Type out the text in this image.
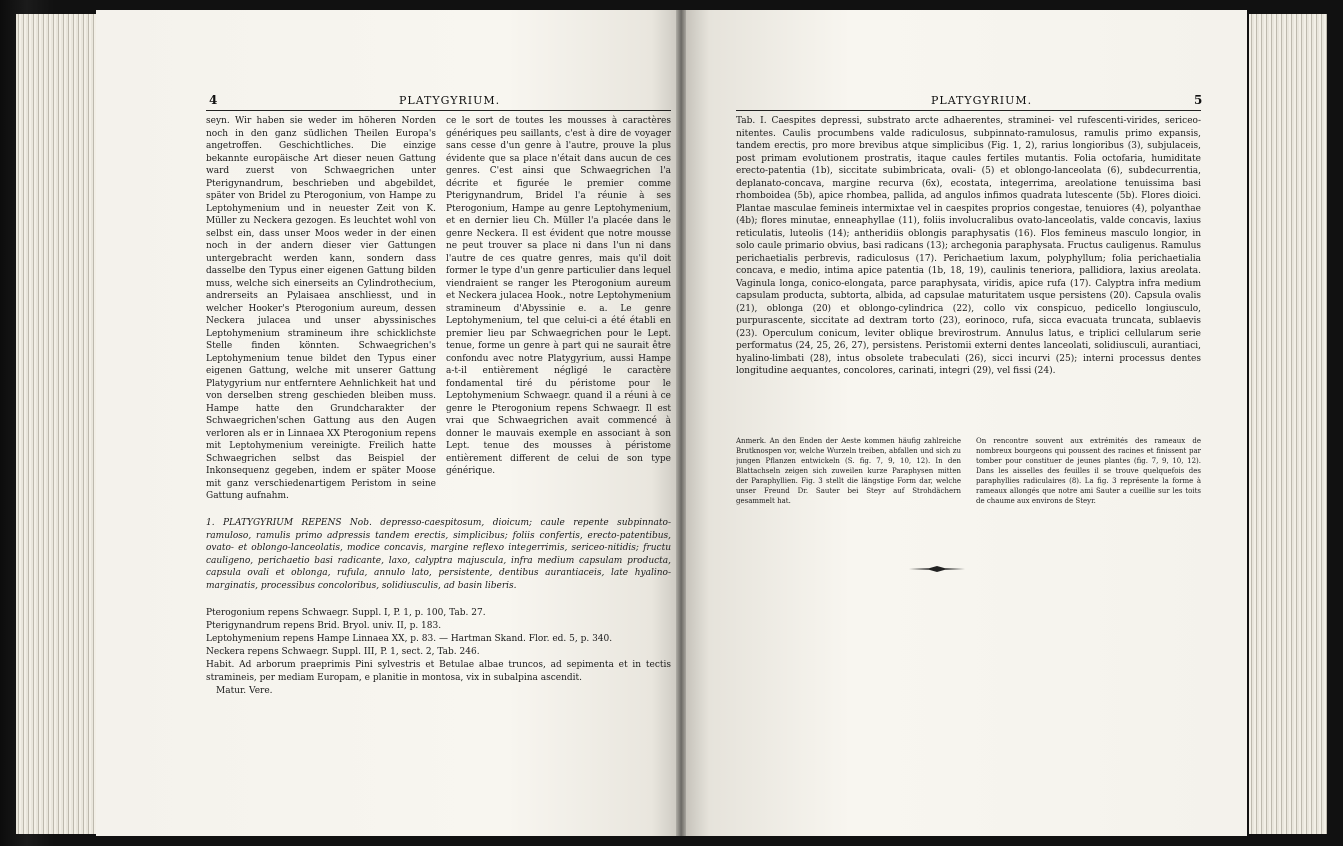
4	PLATYGYRIUM.

seyn. Wir haben sie weder im höheren Norden noch in den ganz südlichen Theilen Europa's angetroffen. Geschichtliches. Die einzige bekannte europäische Art dieser neuen Gattung ward zuerst von Schwaegrichen unter Pterigynandrum, beschrieben und abgebildet, später von Bridel zu Pterogonium, von Hampe zu Leptohymenium und in neuester Zeit von K. Müller zu Neckera gezogen. Es leuchtet wohl von selbst ein, dass unser Moos weder in der einen noch in der andern dieser vier Gattungen untergebracht werden kann, sondern dass dasselbe den Typus einer eigenen Gattung bilden muss, welche sich einerseits an Cylindrothecium, andrerseits an Pylaisaea anschliesst, und in welcher Hooker's Pterogonium aureum, dessen Neckera julacea und unser abyssinisches Leptohymenium stramineum ihre schicklichste Stelle finden könnten. Schwaegrichen's Leptohymenium tenue bildet den Typus einer eigenen Gattung, welche mit unserer Gattung Platygyrium nur entferntere Aehnlichkeit hat und von derselben streng geschieden bleiben muss. Hampe hatte den Grundcharakter der Schwaegrichen'schen Gattung aus den Augen verloren als er in Linnaea XX Pterogonium repens mit Leptohymenium vereinigte. Freilich hatte Schwaegrichen selbst das Beispiel der Inkonsequenz gegeben, indem er später Moose mit ganz verschiedenartigem Peristom in seine Gattung aufnahm.

ce le sort de toutes les mousses à caractères génériques peu saillants, c'est à dire de voyager sans cesse d'un genre à l'autre, prouve la plus évidente que sa place n'était dans aucun de ces genres. C'est ainsi que Schwaegrichen l'a décrite et figurée le premier comme Pterigynandrum, Bridel l'a réunie à ses Pterogonium, Hampe au genre Leptohymenium, et en dernier lieu Ch. Müller l'a placée dans le genre Neckera. Il est évident que notre mousse ne peut trouver sa place ni dans l'un ni dans l'autre de ces quatre genres, mais qu'il doit former le type d'un genre particulier dans lequel viendraient se ranger les Pterogonium aureum et Neckera julacea Hook., notre Leptohymenium stramineum d'Abyssinie e. a. Le genre Leptohymenium, tel que celui-ci a été établi en premier lieu par Schwaegrichen pour le Lept. tenue, forme un genre à part qui ne saurait être confondu avec notre Platygyrium, aussi Hampe a-t-il entièrement négligé le caractère fondamental tiré du péristome pour le Leptohymenium Schwaegr. quand il a réuni à ce genre le Pterogonium repens Schwaegr. Il est vrai que Schwaegrichen avait commencé à donner le mauvais exemple en associant à son Lept. tenue des mousses à péristome entièrement different de celui de son type générique.

1. PLATYGYRIUM REPENS Nob. depresso-caespitosum, dioicum; caule repente subpinnato-ramuloso, ramulis primo adpressis tandem erectis, simplicibus; foliis confertis, erecto-patentibus, ovato- et oblongo-lanceolatis, modice concavis, margine reflexo integerrimis, sericeo-nitidis; fructu cauligeno, perichaetio basi radicante, laxo, calyptra majuscula, infra medium capsulam producta, capsula ovali et oblonga, rufula, annulo lato, persistente, dentibus aurantiaceis, late hyalino-marginatis, processibus concoloribus, solidiusculis, ad basin liberis.

Pterogonium repens Schwaegr. Suppl. I, P. 1, p. 100, Tab. 27.

Pterigynandrum repens Brid. Bryol. univ. II, p. 183.

Leptohymenium repens Hampe Linnaea XX, p. 83. — Hartman Skand. Flor. ed. 5, p. 340.

Neckera repens Schwaegr. Suppl. III, P. 1, sect. 2, Tab. 246.

Habit. Ad arborum praeprimis Pini sylvestris et Betulae albae truncos, ad sepimenta et in tectis stramineis, per mediam Europam, e planitie in montosa, vix in subalpina ascendit.

Matur. Vere.

PLATYGYRIUM.	5

Tab. I. Caespites depressi, substrato arcte adhaerentes, straminei- vel rufescenti-virides, sericeo-nitentes. Caulis procumbens valde radiculosus, subpinnato-ramulosus, ramulis primo expansis, tandem erectis, pro more brevibus atque simplicibus (Fig. 1, 2), rarius longioribus (3), subjulaceis, post primam evolutionem prostratis, itaque caules fertiles mutantis. Folia octofaria, humiditate erecto-patentia (1b), siccitate subimbricata, ovali- (5) et oblongo-lanceolata (6), subdecurrentia, deplanato-concava, margine recurva (6x), ecostata, integerrima, areolatione tenuissima basi rhomboidea (5b), apice rhombea, pallida, ad angulos infimos quadrata lutescente (5b). Flores dioici. Plantae masculae femineis intermixtae vel in caespites proprios congestae, tenuiores (4), polyanthae (4b); flores minutae, enneaphyllae (11), foliis involucralibus ovato-lanceolatis, valde concavis, laxius reticulatis, luteolis (14); antheridiis oblongis paraphysatis (16). Flos femineus masculo longior, in solo caule primario obvius, basi radicans (13); archegonia paraphysata. Fructus cauligenus. Ramulus perichaetialis perbrevis, radiculosus (17). Perichaetium laxum, polyphyllum; folia perichaetialia concava, e medio, intima apice patentia (1b, 18, 19), caulinis teneriora, pallidiora, laxius areolata. Vaginula longa, conico-elongata, parce paraphysata, viridis, apice rufa (17). Calyptra infra medium capsulam producta, subtorta, albida, ad capsulae maturitatem usque persistens (20). Capsula ovalis (21), oblonga (20) et oblongo-cylindrica (22), collo vix conspicuo, pedicello longiusculo, purpurascente, siccitate ad dextram torto (23), eorinoco, rufa, sicca evacuata truncata, sublaevis (23). Operculum conicum, leviter oblique brevirostrum. Annulus latus, e triplici cellularum serie performatus (24, 25, 26, 27), persistens. Peristomii externi dentes lanceolati, solidiusculi, aurantiaci, hyalino-limbati (28), intus obsolete trabeculati (26), sicci incurvi (25); interni processus dentes longitudine aequantes, concolores, carinati, integri (29), vel fissi (24).

Anmerk. An den Enden der Aeste kommen häufig zahlreiche Brutknospen vor, welche Wurzeln treiben, abfallen und sich zu jungen Pflanzen entwickeln (S. fig. 7, 9, 10, 12). In den Blattachseln zeigen sich zuweilen kurze Paraphysen mitten der Paraphyllien. Fig. 3 stellt die längstige Form dar, welche unser Freund Dr. Sauter bei Steyr auf Strohdächern gesammelt hat.

On rencontre souvent aux extrémités des rameaux de nombreux bourgeons qui poussent des racines et finissent par tomber pour constituer de jeunes plantes (fig. 7, 9, 10, 12). Dans les aisselles des feuilles il se trouve quelquefois des paraphyllies radiculaires (8). La fig. 3 représente la forme à rameaux allongés que notre ami Sauter a cueillie sur les toits de chaume aux environs de Steyr.
